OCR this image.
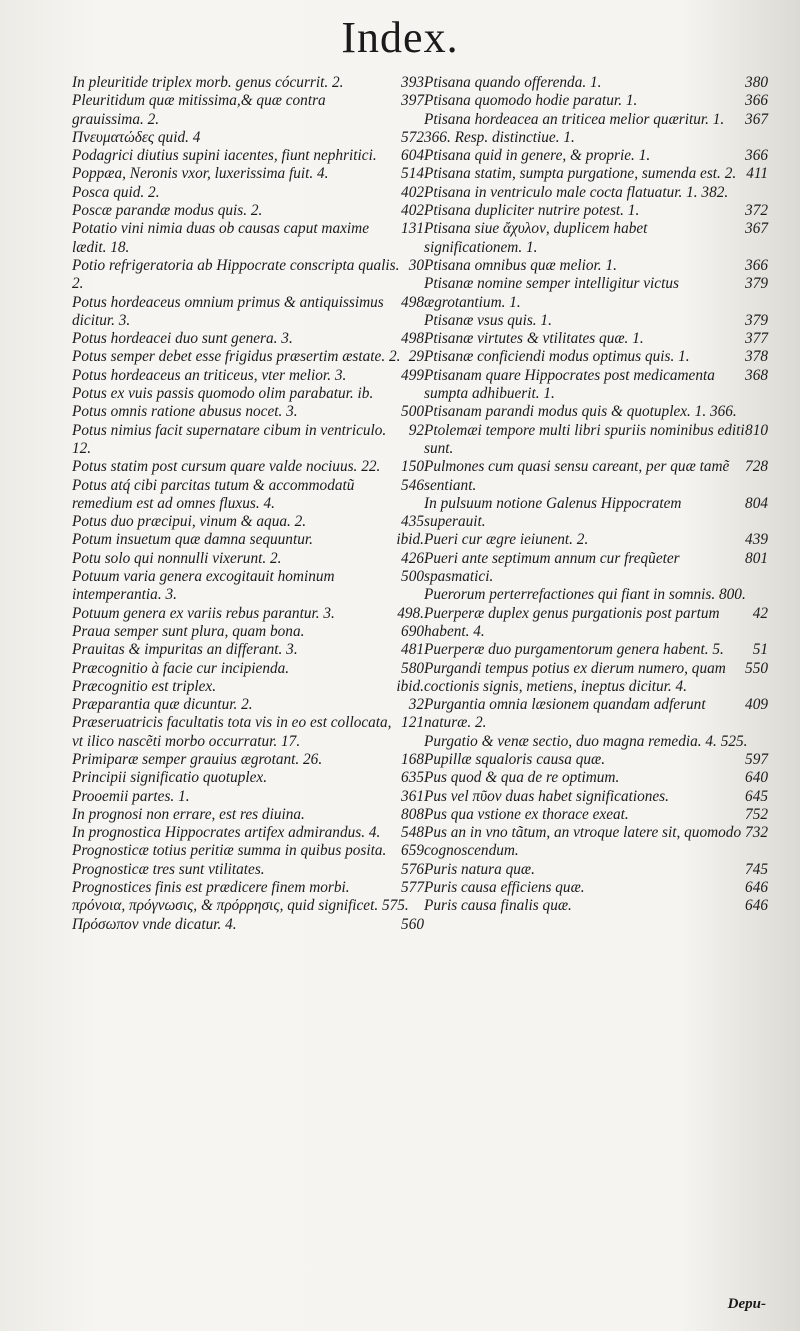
Index.
393
In pleuritide triplex morb. genus cócurrit. 2.
397
Pleuritidum quæ mitissima,& quæ contra grauissima. 2.
572
Πνευματώδες quid. 4
604
Podagrici diutius supini iacentes, fiunt nephritici.
514
Poppæa, Neronis vxor, luxerissima fuit. 4.
402
Posca quid. 2.
402
Poscæ parandæ modus quis. 2.
131
Potatio vini nimia duas ob causas caput maxime lædit. 18.
30
Potio refrigeratoria ab Hippocrate conscripta qualis. 2.
498
Potus hordeaceus omnium primus & antiquissimus dicitur. 3.
498
Potus hordeacei duo sunt genera. 3.
29
Potus semper debet esse frigidus præsertim æstate. 2.
499
Potus hordeaceus an triticeus, vter melior. 3.
Potus ex vuis passis quomodo olim parabatur. ib.
500
Potus omnis ratione abusus nocet. 3.
92
Potus nimius facit supernatare cibum in ventriculo. 12.
150
Potus statim post cursum quare valde nociuus. 22.
546
Potus atq́ cibi parcitas tutum & accommodatũ remedium est ad omnes fluxus. 4.
435
Potus duo præcipui, vinum & aqua. 2.
ibid.
Potum insuetum quæ damna sequuntur.
426
Potu solo qui nonnulli vixerunt. 2.
500
Potuum varia genera excogitauit hominum intemperantia. 3.
498.
Potuum genera ex variis rebus parantur. 3.
690
Praua semper sunt plura, quam bona.
481
Prauitas & impuritas an differant. 3.
580
Præcognitio à facie cur incipienda.
ibid.
Præcognitio est triplex.
32
Præparantia quæ dicuntur. 2.
121
Præseruatricis facultatis tota vis in eo est collocata, vt ilico nascẽti morbo occurratur. 17.
168
Primiparæ semper grauius ægrotant. 26.
635
Principii significatio quotuplex.
361
Prooemii partes. 1.
808
In prognosi non errare, est res diuina.
548
In prognostica Hippocrates artifex admirandus. 4.
659
Prognosticæ totius peritiæ summa in quibus posita.
576
Prognosticæ tres sunt vtilitates.
577
Prognostices finis est prædicere finem morbi.
πρόνοια, πρόγνωσις, & πρόρρησις, quid significet. 575.
560
Πρόσωπον vnde dicatur. 4.
380
Ptisana quando offerenda. 1.
366
Ptisana quomodo hodie paratur. 1.
367
Ptisana hordeacea an triticea melior quæritur. 1. 366. Resp. distinctiue. 1.
366
Ptisana quid in genere, & proprie. 1.
411
Ptisana statim, sumpta purgatione, sumenda est. 2.
Ptisana in ventriculo male cocta flatuatur. 1. 382.
372
Ptisana dupliciter nutrire potest. 1.
367
Ptisana siue ἄχυλον, duplicem habet significationem. 1.
366
Ptisana omnibus quæ melior. 1.
379
Ptisanæ nomine semper intelligitur victus ægrotantium. 1.
379
Ptisanæ vsus quis. 1.
377
Ptisanæ virtutes & vtilitates quæ. 1.
378
Ptisanæ conficiendi modus optimus quis. 1.
368
Ptisanam quare Hippocrates post medicamenta sumpta adhibuerit. 1.
Ptisanam parandi modus quis & quotuplex. 1. 366.
810
Ptolemæi tempore multi libri spuriis nominibus editi sunt.
728
Pulmones cum quasi sensu careant, per quæ tamẽ sentiant.
804
In pulsuum notione Galenus Hippocratem superauit.
439
Pueri cur ægre ieiunent. 2.
801
Pueri ante septimum annum cur freqũeter spasmatici.
Puerorum perterrefactiones qui fiant in somnis. 800.
42
Puerperæ duplex genus purgationis post partum habent. 4.
51
Puerperæ duo purgamentorum genera habent. 5.
550
Purgandi tempus potius ex dierum numero, quam coctionis signis, metiens, ineptus dicitur. 4.
409
Purgantia omnia læsionem quandam adferunt naturæ. 2.
Purgatio & venæ sectio, duo magna remedia. 4. 525.
597
Pupillæ squaloris causa quæ.
640
Pus quod & qua de re optimum.
645
Pus vel πῦον duas habet significationes.
752
Pus qua vstione ex thorace exeat.
732
Pus an in vno tãtum, an vtroque latere sit, quomodo cognoscendum.
745
Puris natura quæ.
646
Puris causa efficiens quæ.
646
Puris causa finalis quæ.
Depu-
